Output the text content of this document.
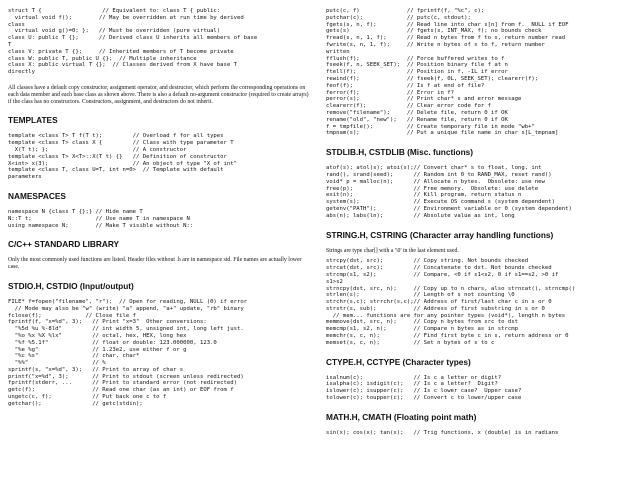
struct T {                  // Equivalent to: class T { public:
virtual void f();        // May be overridden at run time by derived
class
virtual void g()=0; };   // Must be overridden (pure virtual)
class U: public T {};      // Derived class U inherits all members of base
T
class V: private T {};     // Inherited members of T become private
class W: public T, public U {};  // Multiple inheritance
class X: public virtual T {};  // Classes derived from X have base T
directly
All classes have a default copy constructor, assignment operator, and destructor, which perform the corresponding operations on each data member and each base class as shown above. There is also a default no-argument constructor (required to create arrays) if the class has no constructors. Constructors, assignment, and destructors do not inherit.
TEMPLATES
template <class T> T f(T t);         // Overload f for all types
template <class T> class X {         // Class with type parameter T
X(T t); };                         // A constructor
template <class T> X<T>::X(T t) {}   // Definition of constructor
X<int> x(3);                         // An object of type "X of int"
template <class T, class U=T, int n=0>  // Template with default
parameters
NAMESPACES
namespace N {class T {};} // Hide name T
N::T t;                   // Use name T in namespace N
using namespace N;        // Make T visible without N::
C/C++ STANDARD LIBRARY
Only the most commonly used functions are listed. Header files without .h are in namespace std. File names are actually lower case.
STDIO.H, CSTDIO (Input/output)
FILE* f=fopen("filename", "r");  // Open for reading, NULL (0) if error
// Mode may also be "w" (write) "a" append, "a+" update, "rb" binary
fclose(f);             // Close file f
fprintf(f, "x=%d", 3);   // Print "x=3"  Other conversions:
"%5d %u %-8ld"         // int width 5, unsigned int, long left just.
"%o %x %X %lx"         // octal, hex, HEX, long hex
"%f %5.1f"             // float or double: 123.000000, 123.0
"%e %g"                // 1.23e2, use either f or g
"%c %s"                // char, char*
"%%"                   // %
sprintf(s, "x=%d", 3);   // Print to array of char s
printf("x=%d", 3);       // Print to stdout (screen unless redirected)
fprintf(stderr, ...      // Print to standard error (not redirected)
getc(f);                 // Read one char (as an int) or EOF from f
ungetc(c, f);            // Put back one c to f
getchar();               // getc(stdin);
putc(c, f)              // fprintf(f, "%c", c);
putchar(c);             // putc(c, stdout);
fgets(s, n, f);         // Read line into char s[n] from f.  NULL if EOF
gets(s)                 // fgets(s, INT_MAX, f); no bounds check
fread(s, n, 1, f);      // Read n bytes from f to s, return number read
fwrite(s, n, 1, f);     // Write n bytes of s to f, return number
written
fflush(f);              // Force buffered writes to f
fseek(f, n, SEEK_SET);  // Position binary file f at n
ftell(f);               // Position in f, -1L if error
rewind(f);              // fseek(f, 0L, SEEK_SET); clearerr(f);
feof(f);                // Is f at end of file?
ferror(f);              // Error in f?
perror(s);              // Print char* s and error message
clearerr(f);            // Clear error code for f
remove("filename");     // Delete file, return 0 if OK
rename("old", "new");   // Rename file, return 0 if OK
f = tmpfile();          // Create temporary file in mode "wb+"
tmpnam(s);              // Put a unique file name in char s[L_tmpnam]
STDLIB.H, CSTDLIB (Misc. functions)
atof(s); atol(s); atoi(s);// Convert char* s to float, long, int
rand(), srand(seed);      // Random int 0 to RAND_MAX, reset rand()
void* p = malloc(n);      // Allocate n bytes.  Obsolete: use new
free(p);                  // Free memory.  Obsolete: use delete
exit(n);                  // Kill program, return status n
system(s);                // Execute OS command s (system dependent)
getenv("PATH");           // Environment variable or 0 (system dependent)
abs(n); labs(ln);         // Absolute value as int, long
STRING.H, CSTRING (Character array handling functions)
Strings are type char[] with a '\0' in the last element used.
strcpy(dst, src);         // Copy string. Not bounds checked
strcat(dst, src);         // Concatenate to dst. Not bounds checked
strcmp(s1, s2);           // Compare, <0 if s1<s2, 0 if s1==s2, >0 if
s1>s2
strncpy(dst, src, n);     // Copy up to n chars, also strncat(), strncmp()
strlen(s);                // Length of s not counting \0
strchr(s,c); strrchr(s,c);// Address of first/last char c in s or 0
strstr(s, sub);           // Address of first substring in s or 0
// mem... functions are for any pointer types (void*), length n bytes
memmove(dst, src, n);     // Copy n bytes from src to dst
memcmp(s1, s2, n);        // Compare n bytes as in strcmp
memchr(s, c, n);          // Find first byte c in s, return address or 0
memset(s, c, n);          // Set n bytes of s to c
CTYPE.H, CCTYPE (Character types)
isalnum(c);               // Is c a letter or digit?
isalpha(c); isdigit(c);   // Is c a letter?  Digit?
islower(c); isupper(c);   // Is c lower case?  Upper case?
tolower(c); toupper(c);   // Convert c to lower/upper case
MATH.H, CMATH (Floating point math)
sin(x); cos(x); tan(x);   // Trig functions, x (double) is in radians
